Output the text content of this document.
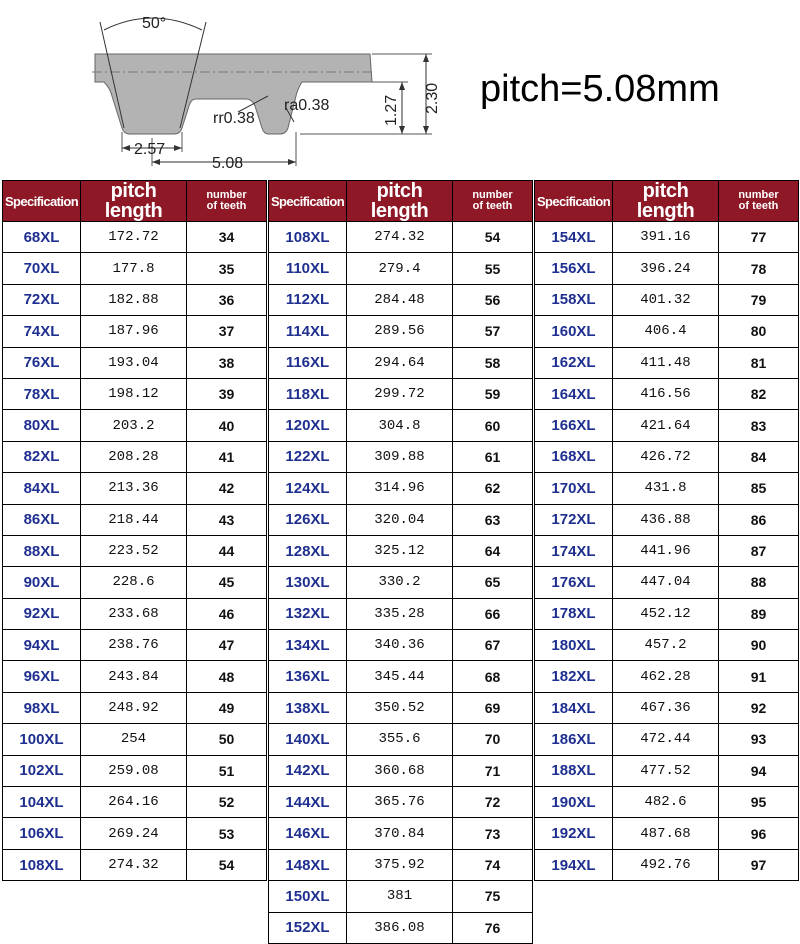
50°
rr0.38
ra0.38
2.57
5.08
1.27 2.30 pitch=5.08mm
Specification	pitch length	number
of teeth

68XL	172.72	34
70XL	177.8	35
72XL	182.88	36
74XL	187.96	37
76XL	193.04	38
78XL	198.12	39
80XL	203.2	40
82XL	208.28	41
84XL	213.36	42
86XL	218.44	43
88XL	223.52	44
90XL	228.6	45
92XL	233.68	46
94XL	238.76	47
96XL	243.84	48
98XL	248.92	49
100XL	254	50
102XL	259.08	51
104XL	264.16	52
106XL	269.24	53
108XL	274.32	54
Specification	pitch length	number
of teeth

108XL	274.32	54
110XL	279.4	55
112XL	284.48	56
114XL	289.56	57
116XL	294.64	58
118XL	299.72	59
120XL	304.8	60
122XL	309.88	61
124XL	314.96	62
126XL	320.04	63
128XL	325.12	64
130XL	330.2	65
132XL	335.28	66
134XL	340.36	67
136XL	345.44	68
138XL	350.52	69
140XL	355.6	70
142XL	360.68	71
144XL	365.76	72
146XL	370.84	73
148XL	375.92	74
150XL	381	75
152XL	386.08	76
Specification	pitch length	number
of teeth

154XL	391.16	77
156XL	396.24	78
158XL	401.32	79
160XL	406.4	80
162XL	411.48	81
164XL	416.56	82
166XL	421.64	83
168XL	426.72	84
170XL	431.8	85
172XL	436.88	86
174XL	441.96	87
176XL	447.04	88
178XL	452.12	89
180XL	457.2	90
182XL	462.28	91
184XL	467.36	92
186XL	472.44	93
188XL	477.52	94
190XL	482.6	95
192XL	487.68	96
194XL	492.76	97
